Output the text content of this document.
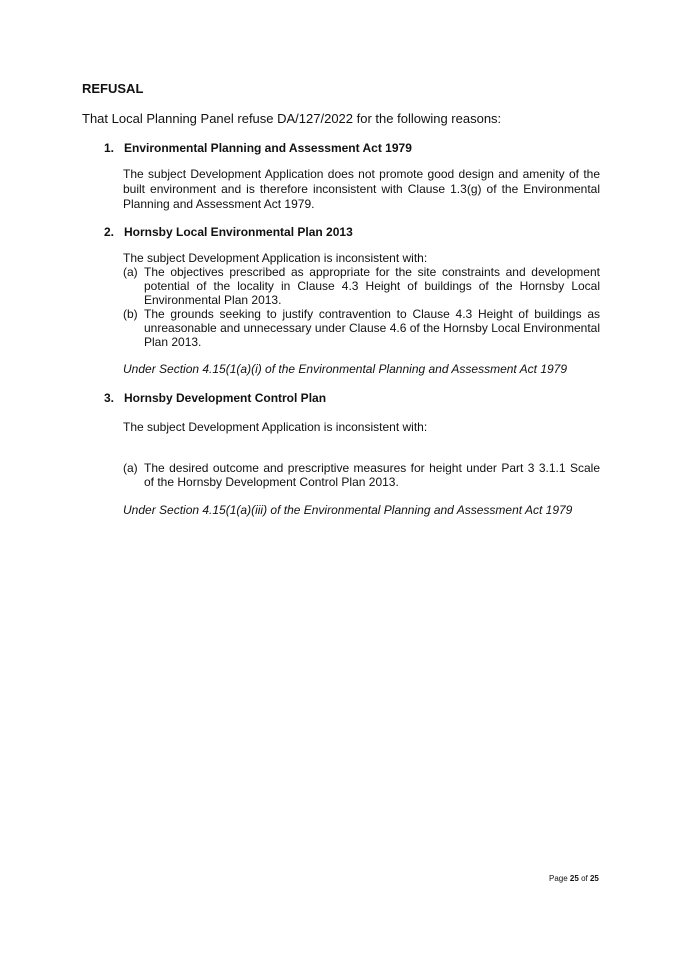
REFUSAL
That Local Planning Panel refuse DA/127/2022 for the following reasons:
1. Environmental Planning and Assessment Act 1979
The subject Development Application does not promote good design and amenity of the built environment and is therefore inconsistent with Clause 1.3(g) of the Environmental Planning and Assessment Act 1979.
2. Hornsby Local Environmental Plan 2013
The subject Development Application is inconsistent with:
(a) The objectives prescribed as appropriate for the site constraints and development potential of the locality in Clause 4.3 Height of buildings of the Hornsby Local Environmental Plan 2013.
(b) The grounds seeking to justify contravention to Clause 4.3 Height of buildings as unreasonable and unnecessary under Clause 4.6 of the Hornsby Local Environmental Plan 2013.
Under Section 4.15(1(a)(i) of the Environmental Planning and Assessment Act 1979
3. Hornsby Development Control Plan
The subject Development Application is inconsistent with:
(a) The desired outcome and prescriptive measures for height under Part 3 3.1.1 Scale of the Hornsby Development Control Plan 2013.
Under Section 4.15(1(a)(iii) of the Environmental Planning and Assessment Act 1979
Page 25 of 25
